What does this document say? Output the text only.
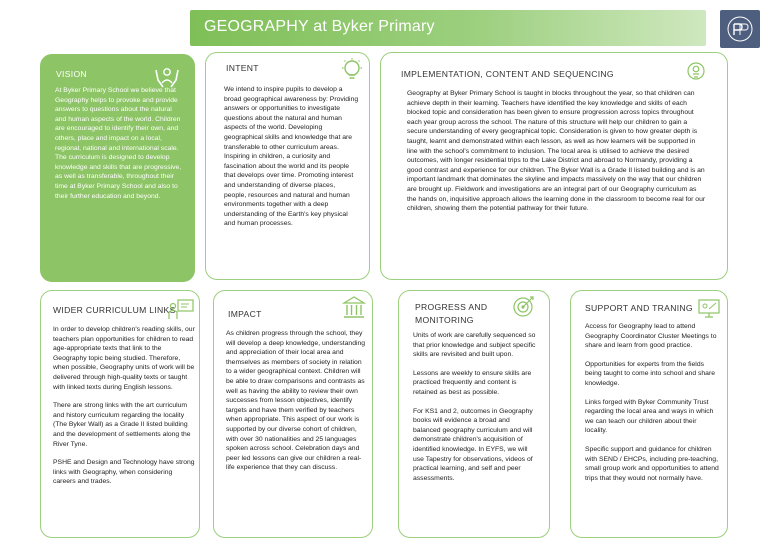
GEOGRAPHY at Byker Primary
VISION
At Byker Primary School we believe that Geography helps to provoke and provide answers to questions about the natural and human aspects of the world. Children are encouraged to identify their own, and others, place and impact on a local, regional, national and international scale. The curriculum is designed to develop knowledge and skills that are progressive, as well as transferable, throughout their time at Byker Primary School and also to their further education and beyond.
INTENT
We intend to inspire pupils to develop a broad geographical awareness by: Providing answers or opportunities to investigate questions about the natural and human aspects of the world. Developing geographical skills and knowledge that are transferable to other curriculum areas. Inspiring in children, a curiosity and fascination about the world and its people that develops over time. Promoting interest and understanding of diverse places, people, resources and natural and human environments together with a deep understanding of the Earth's key physical and human processes.
IMPLEMENTATION, CONTENT AND SEQUENCING
Geography at Byker Primary School is taught in blocks throughout the year, so that children can achieve depth in their learning. Teachers have identified the key knowledge and skills of each blocked topic and consideration has been given to ensure progression across topics throughout each year group across the school. The nature of this structure will help our children to gain a secure understanding of every geographical topic. Consideration is given to how greater depth is taught, learnt and demonstrated within each lesson, as well as how learners will be supported in line with the school's commitment to inclusion. The local area is utilised to achieve the desired outcomes, with longer residential trips to the Lake District and abroad to Normandy, providing a good contrast and experience for our children. The Byker Wall is a Grade II listed building and is an important landmark that dominates the skyline and impacts massively on the way that our children are brought up. Fieldwork and investigations are an integral part of our Geography curriculum as the hands on, inquisitive approach allows the learning done in the classroom to become real for our children, showing them the potential pathway for their future.
WIDER CURRICULUM LINKS

In order to develop children's reading skills, our teachers plan opportunities for children to read age-appropriate texts that link to the Geography topic being studied. Therefore, when possible, Geography units of work will be delivered through high-quality texts or taught with linked texts during English lessons.

There are strong links with the art curriculum and history curriculum regarding the locality (The Byker Wall) as a Grade II listed building and the development of settlements along the River Tyne.

PSHE and Design and Technology have strong links with Geography, when considering careers and trades.

IMPACT
As children progress through the school, they will develop a deep knowledge, understanding and appreciation of their local area and themselves as members of society in relation to a wider geographical context. Children will be able to draw comparisons and contrasts as well as having the ability to review their own successes from lesson objectives, identify targets and have them verified by teachers when appropriate. This aspect of our work is supported by our diverse cohort of children, with over 30 nationalities and 25 languages spoken across school. Celebration days and peer led lessons can give our children a real-life experience that they can discuss.
PROGRESS AND
MONITORING

Units of work are carefully sequenced so that prior knowledge and subject specific skills are revisited and built upon.

Lessons are weekly to ensure skills are practiced frequently and content is retained as best as possible.

For KS1 and 2, outcomes in Geography books will evidence a broad and balanced geography curriculum and will demonstrate children's acquisition of identified knowledge. In EYFS, we will use Tapestry for observations, videos of practical learning, and self and peer assessments.

SUPPORT AND TRANING

Access for Geography lead to attend Geography Coordinator Cluster Meetings to share and learn from good practice.

Opportunities for experts from the fields being taught to come into school and share knowledge.

Links forged with Byker Community Trust regarding the local area and ways in which we can teach our children about their locality.

Specific support and guidance for children with SEND / EHCPs, including pre-teaching, small group work and opportunities to attend trips that they would not normally have.
